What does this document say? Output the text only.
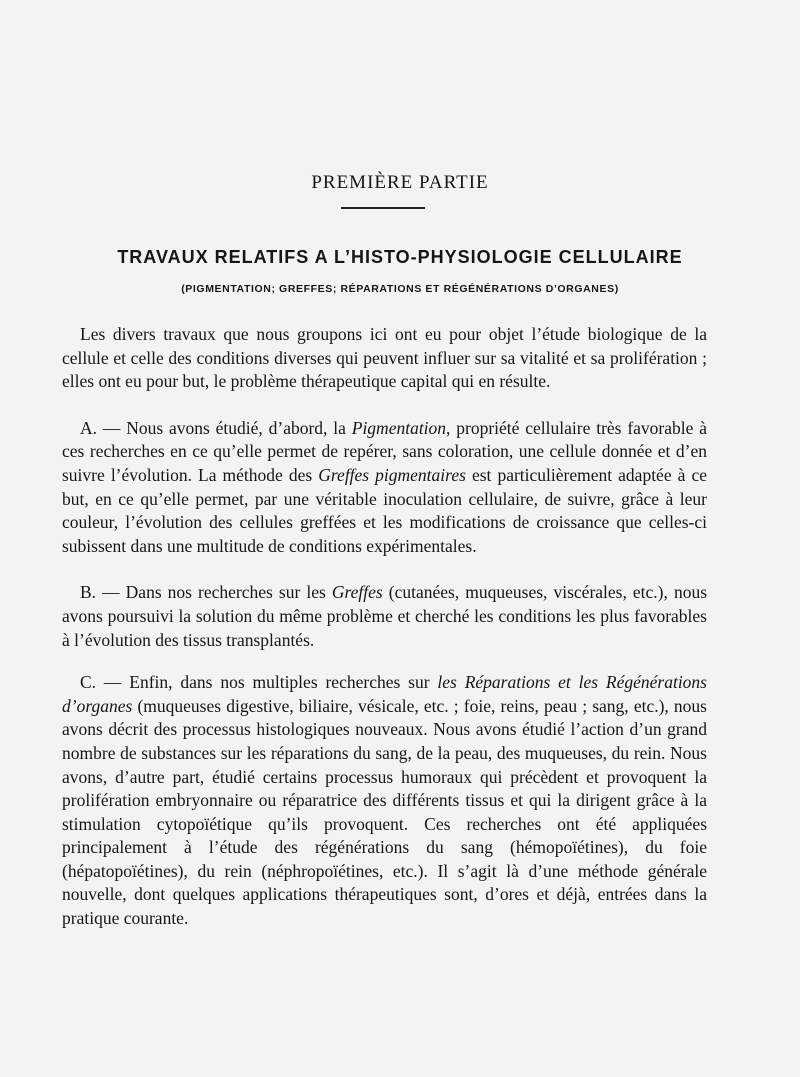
PREMIÈRE PARTIE
TRAVAUX RELATIFS A L’HISTO-PHYSIOLOGIE CELLULAIRE
(PIGMENTATION; GREFFES; RÉPARATIONS ET RÉGÉNÉRATIONS D’ORGANES)

Les divers travaux que nous groupons ici ont eu pour objet l’étude biologique de la cellule et celle des conditions diverses qui peuvent influer sur sa vitalité et sa prolifération ; elles ont eu pour but, le problème thérapeutique capital qui en résulte.

A. — Nous avons étudié, d’abord, la Pigmentation, propriété cellulaire très favorable à ces recherches en ce qu’elle permet de repérer, sans coloration, une cellule donnée et d’en suivre l’évolution. La méthode des Greffes pigmentaires est particulièrement adaptée à ce but, en ce qu’elle permet, par une véritable inoculation cellulaire, de suivre, grâce à leur couleur, l’évolution des cellules greffées et les modifications de croissance que celles-ci subissent dans une multitude de conditions expérimentales.

B. — Dans nos recherches sur les Greffes (cutanées, muqueuses, viscérales, etc.), nous avons poursuivi la solution du même problème et cherché les conditions les plus favorables à l’évolution des tissus transplantés.

C. — Enfin, dans nos multiples recherches sur les Réparations et les Régénérations d’organes (muqueuses digestive, biliaire, vésicale, etc. ; foie, reins, peau ; sang, etc.), nous avons décrit des processus histologiques nouveaux. Nous avons étudié l’action d’un grand nombre de substances sur les réparations du sang, de la peau, des muqueuses, du rein. Nous avons, d’autre part, étudié certains processus humoraux qui précèdent et provoquent la prolifération embryonnaire ou réparatrice des différents tissus et qui la dirigent grâce à la stimulation cytopoïétique qu’ils provoquent. Ces recherches ont été appliquées principalement à l’étude des régénérations du sang (hémopoïétines), du foie (hépatopoïétines), du rein (néphropoïétines, etc.). Il s’agit là d’une méthode générale nouvelle, dont quelques applications thérapeutiques sont, d’ores et déjà, entrées dans la pratique courante.
